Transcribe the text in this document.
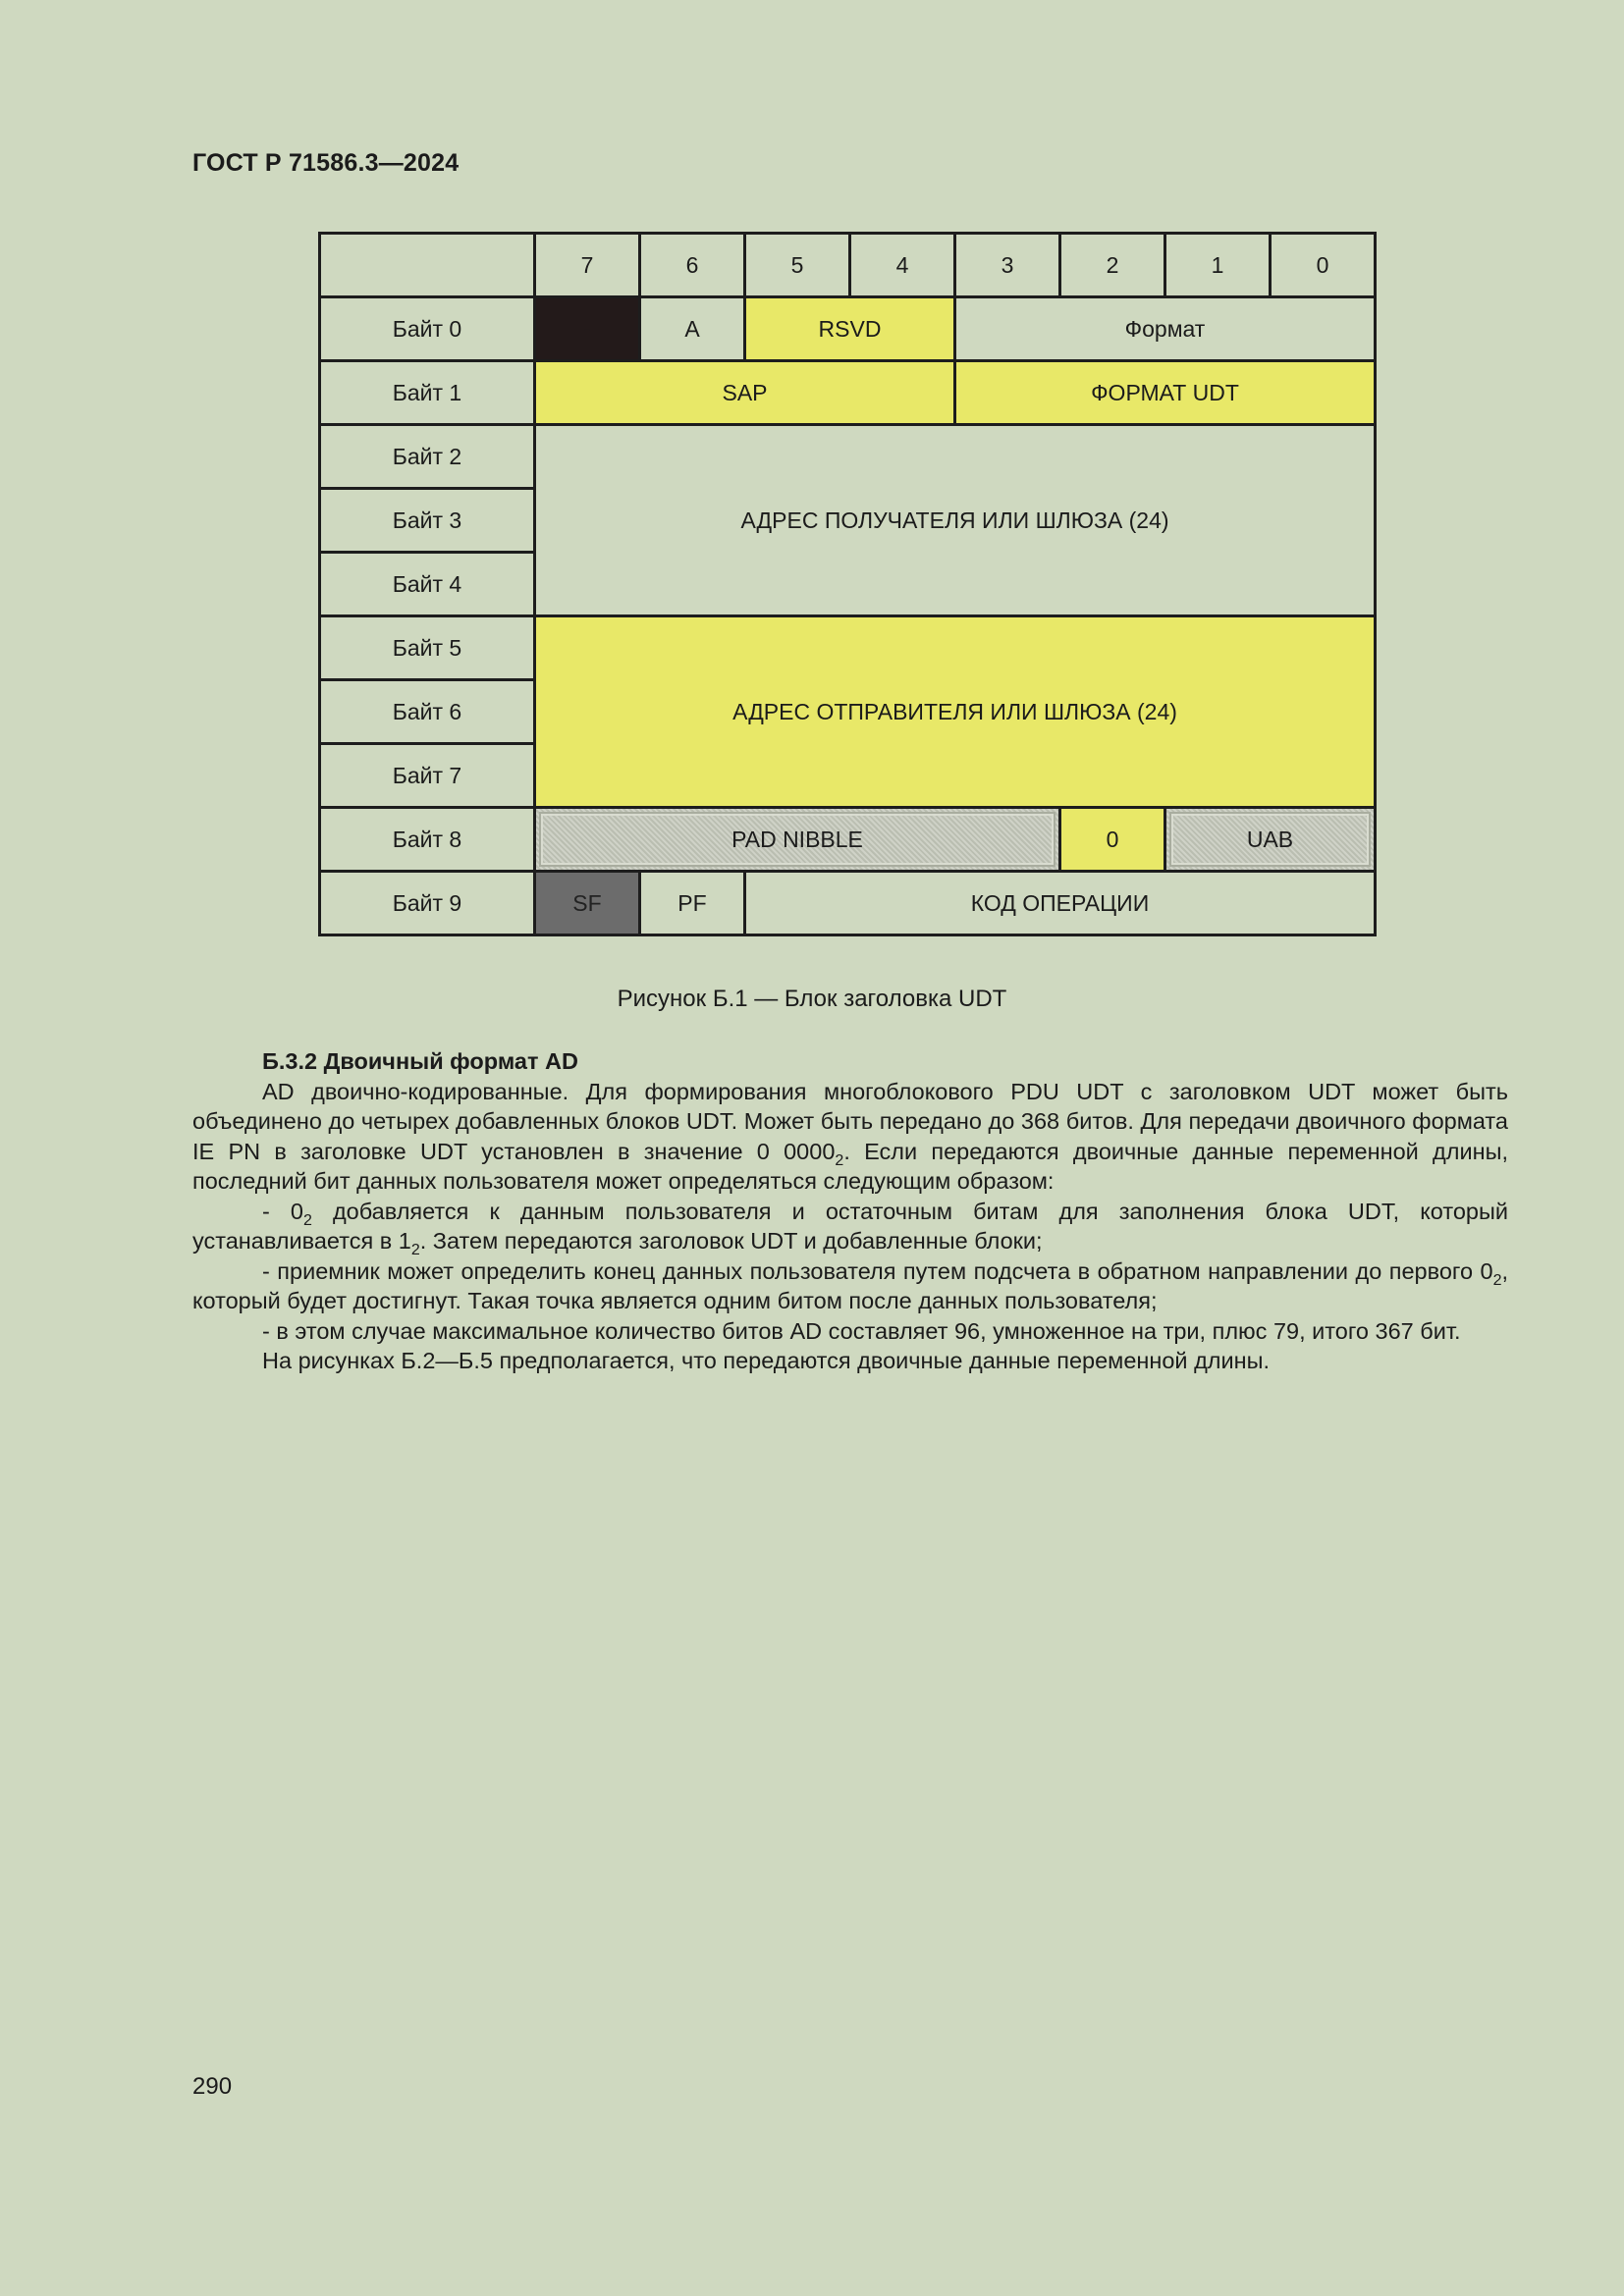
ГОСТ Р 71586.3—2024
	7	6	5	4	3	2	1	0
Байт 0	-	A	RSVD		Формат			
Байт 1	SAP				ФОРМАТ UDT			
Байт 2	АДРЕС ПОЛУЧАТЕЛЯ ИЛИ ШЛЮЗА (24)							
Байт 3								
Байт 4								
Байт 5	АДРЕС ОТПРАВИТЕЛЯ ИЛИ ШЛЮЗА (24)							
Байт 6								
Байт 7								
Байт 8	PAD NIBBLE					0	UAB	

Байт 9	SF	PF	КОД ОПЕРАЦИИ					
Рисунок Б.1 — Блок заголовка UDT

Б.3.2 Двоичный формат AD

AD двоично-кодированные. Для формирования многоблокового PDU UDT с заголовком UDT может быть объединено до четырех добавленных блоков UDT. Может быть передано до 368 битов. Для передачи двоичного формата IE PN в заголовке UDT установлен в значение 0 $0000_2$. Если передаются двоичные данные переменной длины, последний бит данных пользователя может определяться следующим образом:

- $0_2$ добавляется к данным пользователя и остаточным битам для заполнения блока UDT, который устанавливается в $1_2$. Затем передаются заголовок UDT и добавленные блоки;

- приемник может определить конец данных пользователя путем подсчета в обратном направлении до первого $0_2$, который будет достигнут. Такая точка является одним битом после данных пользователя;

- в этом случае максимальное количество битов AD составляет 96, умноженное на три, плюс 79, итого 367 бит.

На рисунках Б.2—Б.5 предполагается, что передаются двоичные данные переменной длины.

290
